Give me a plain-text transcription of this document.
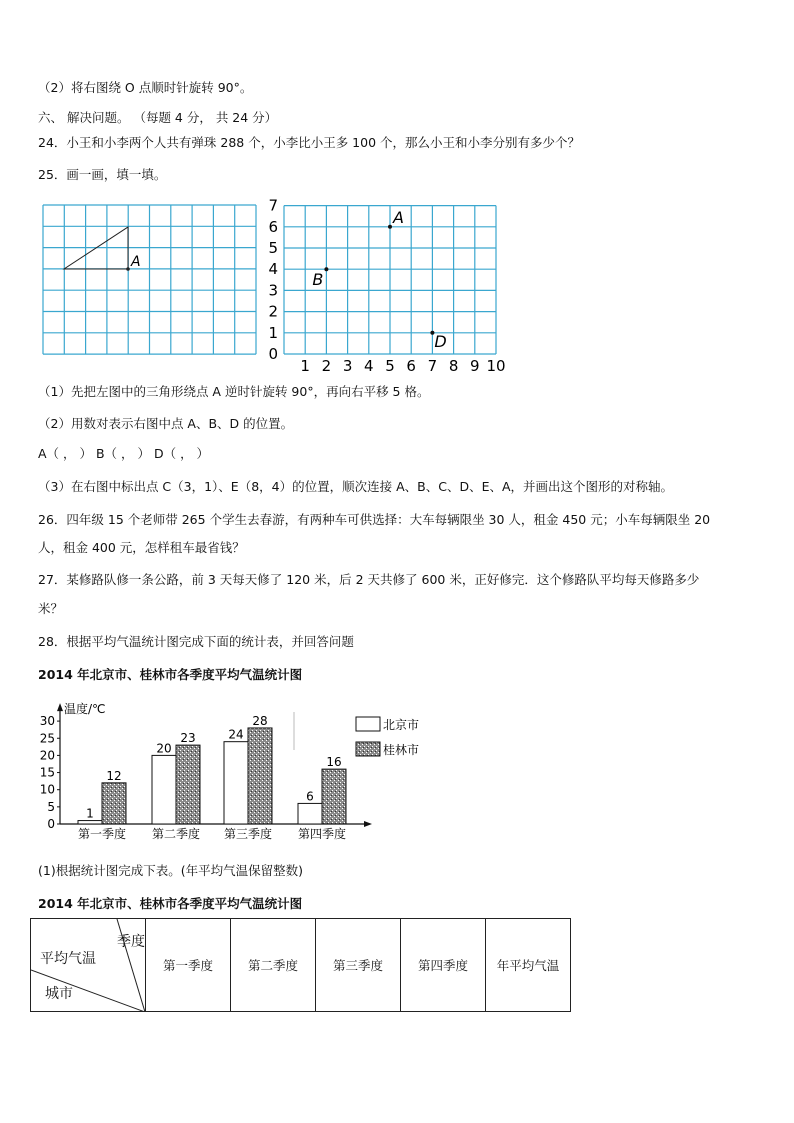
（2）将右图绕 O 点顺时针旋转 90°。
六、 解决问题。 （每题 4 分， 共 24 分）
24．小王和小李两个人共有弹珠 288 个，小李比小王多 100 个，那么小王和小李分别有多少个？
25．画一画，填一填。
A
1 2 3 4 5 6 7 8 9 10
0
1
2
3
4
5
6
7
A
B
D
（1）先把左图中的三角形绕点 A 逆时针旋转 90°，再向右平移 5 格。
（2）用数对表示右图中点 A、B、D 的位置。
A（ ， ） B（ ， ） D（ ， ）
（3）在右图中标出点 C（3，1）、E（8，4）的位置，顺次连接 A、B、C、D、E、A，并画出这个图形的对称轴。
26．四年级 15 个老师带 265 个学生去春游，有两种车可供选择：大车每辆限坐 30 人，租金 450 元；小车每辆限坐 20
人，租金 400 元，怎样租车最省钱？
27．某修路队修一条公路，前 3 天每天修了 120 米，后 2 天共修了 600 米，正好修完．这个修路队平均每天修路多少
米？
28．根据平均气温统计图完成下面的统计表，并回答问题
2014 年北京市、桂林市各季度平均气温统计图
温度/℃
0
5
10
15
20
25
30
1
12
第一季度
20
23
第二季度
24
28
第三季度
6
16
第四季度
北京市
桂林市
(1)根据统计图完成下表。(年平均气温保留整数)
2014 年北京市、桂林市各季度平均气温统计图
季度
平均气温
城市
	第一季度	第二季度	第三季度	第四季度	年平均气温
